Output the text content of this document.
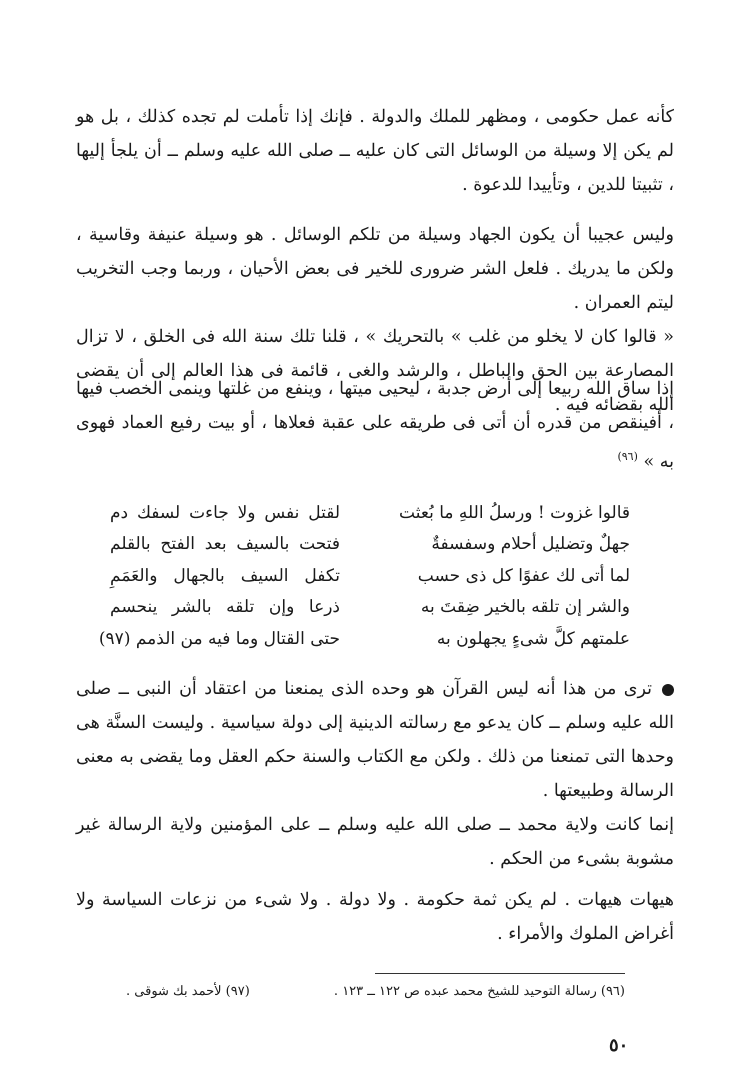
كأنه عمل حكومى ، ومظهر للملك والدولة . فإنك إذا تأملت لم تجده كذلك ، بل هو لم يكن إلا وسيلة من الوسائل التى كان عليه ــ صلى الله عليه وسلم ــ أن يلجأ إليها ، تثبيتا للدين ، وتأييدا للدعوة .

وليس عجيبا أن يكون الجهاد وسيلة من تلكم الوسائل . هو وسيلة عنيفة وقاسية ، ولكن ما يدريك . فلعل الشر ضرورى للخير فى بعض الأحيان ، وربما وجب التخريب ليتم العمران .

« قالوا كان لا يخلو من غلب » بالتحريك » ، قلنا تلك سنة الله فى الخلق ، لا تزال المصارعة بين الحق والباطل ، والرشد والغى ، قائمة فى هذا العالم إلى أن يقضى الله بقضائه فيه .

إذا ساق الله ربيعا إلى أرض جدبة ، ليحيى ميتها ، وينفع من غلتها وينمى الخصب فيها ، أفينقص من قدره أن أتى فى طريقه على عقبة فعلاها ، أو بيت رفيع العماد فهوى به » $^{(٩٦)}$

قالوا غزوت ! ورسلُ اللهِ ما بُعثت
لقتل نفس ولا جاءت لسفك دم
جهلٌ وتضليل أحلام وسفسفةٌ
فتحت بالسيف بعد الفتح بالقلم
لما أتى لك عفوًا كل ذى حسب
تكفل السيف بالجهال والعَمَمِ
والشر إن تلقه بالخير ضِقتَ به
ذرعا وإن تلقه بالشر ينحسم
علمتهم كلَّ شىءٍ يجهلون به
حتى القتال وما فيه من الذمم (٩٧)

ترى من هذا أنه ليس القرآن هو وحده الذى يمنعنا من اعتقاد أن النبى ــ صلى الله عليه وسلم ــ كان يدعو مع رسالته الدينية إلى دولة سياسية . وليست السنَّة هى وحدها التى تمنعنا من ذلك . ولكن مع الكتاب والسنة حكم العقل وما يقضى به معنى الرسالة وطبيعتها .

إنما كانت ولاية محمد ــ صلى الله عليه وسلم ــ على المؤمنين ولاية الرسالة غير مشوبة بشىء من الحكم .

هيهات هيهات . لم يكن ثمة حكومة . ولا دولة . ولا شىء من نزعات السياسة ولا أغراض الملوك والأمراء .

(٩٦) رسالة التوحيد للشيخ محمد عبده ص ١٢٢ ــ ١٢٣ .
(٩٧) لأحمد بك شوقى .
٥٠
